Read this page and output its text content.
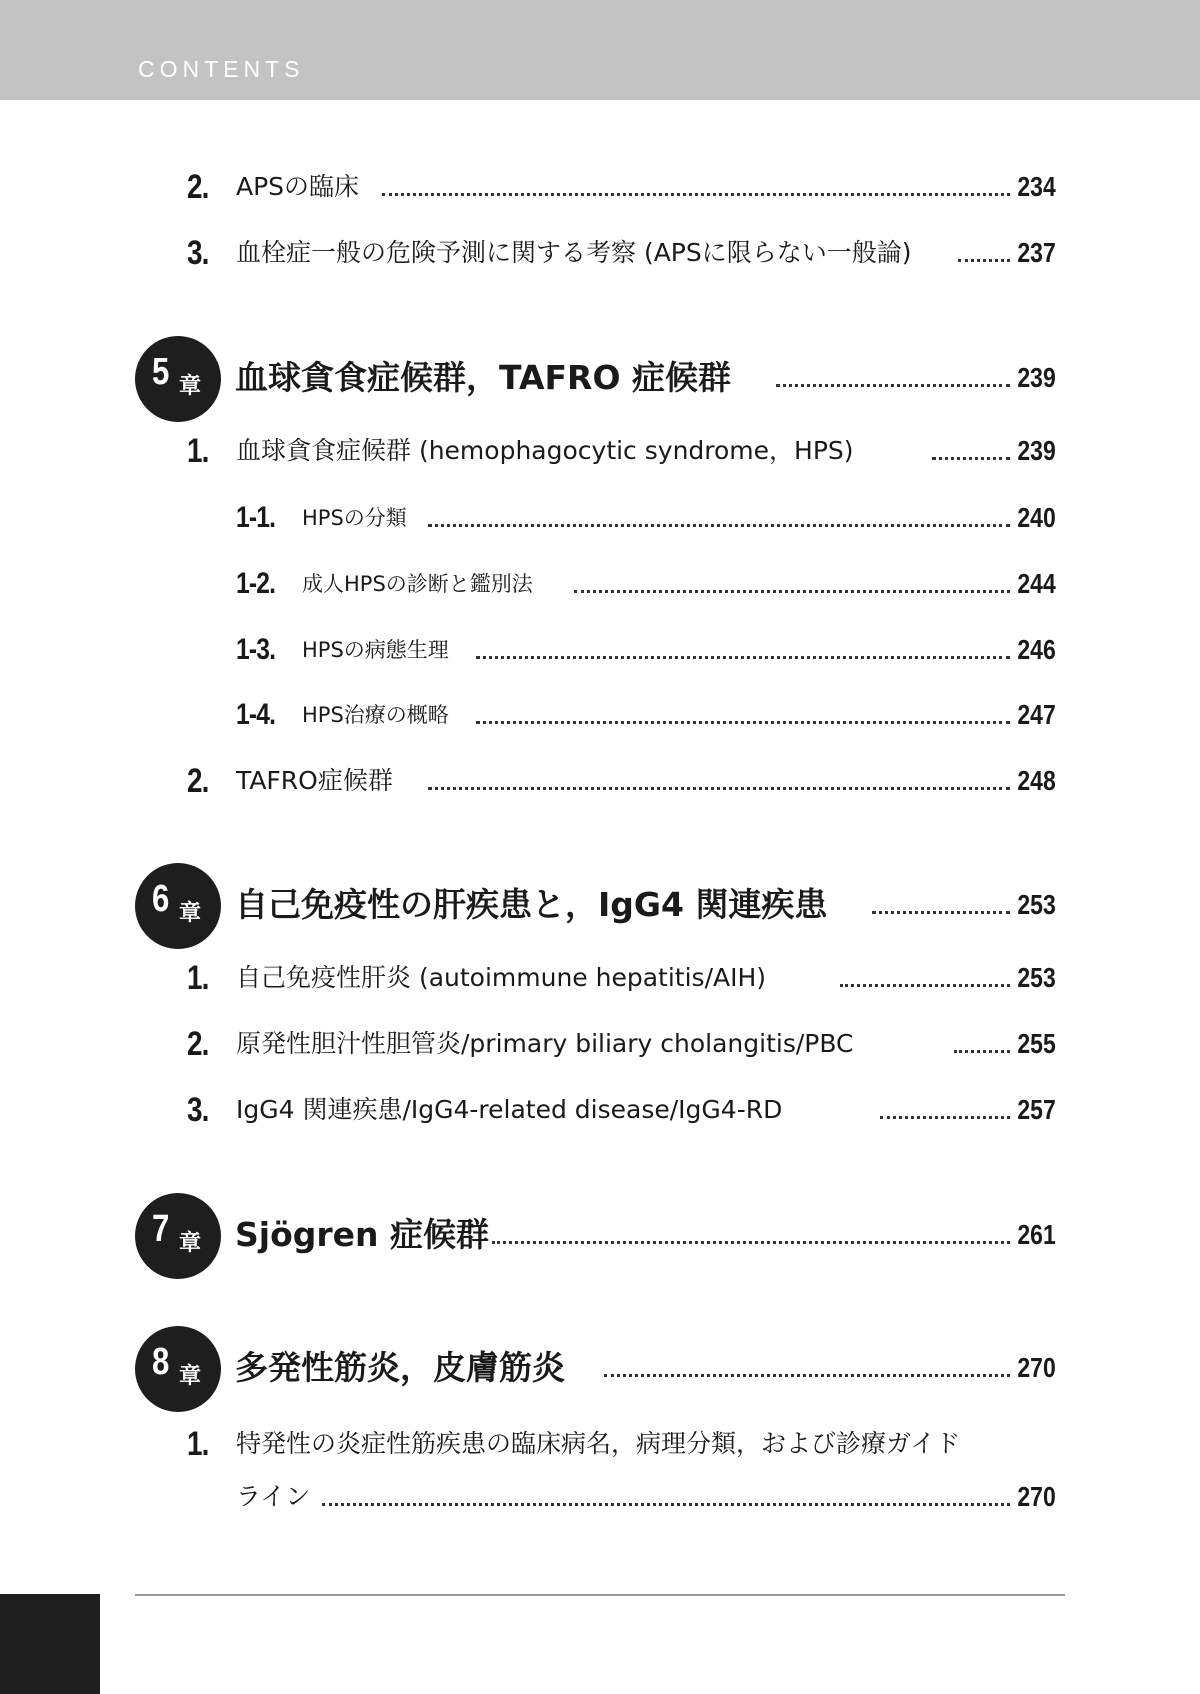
CONTENTS
2. APSの臨床	234
3. 血栓症一般の危険予測に関する考察 (APSに限らない一般論)	237
5 章 血球貪食症候群，TAFRO 症候群	239
1. 血球貪食症候群 (hemophagocytic syndrome，HPS)	239
1-1. HPSの分類	240
1-2. 成人HPSの診断と鑑別法	244
1-3. HPSの病態生理	246
1-4. HPS治療の概略	247
2. TAFRO症候群	248
6 章 自己免疫性の肝疾患と，IgG4 関連疾患	253
1. 自己免疫性肝炎 (autoimmune hepatitis/AIH)	253
2. 原発性胆汁性胆管炎/primary biliary cholangitis/PBC	255
3. IgG4 関連疾患/IgG4-related disease/IgG4-RD	257
7 章 Sjögren 症候群	261
8 章 多発性筋炎，皮膚筋炎	270
1. 特発性の炎症性筋疾患の臨床病名，病理分類，および診療ガイド
ライン	270
